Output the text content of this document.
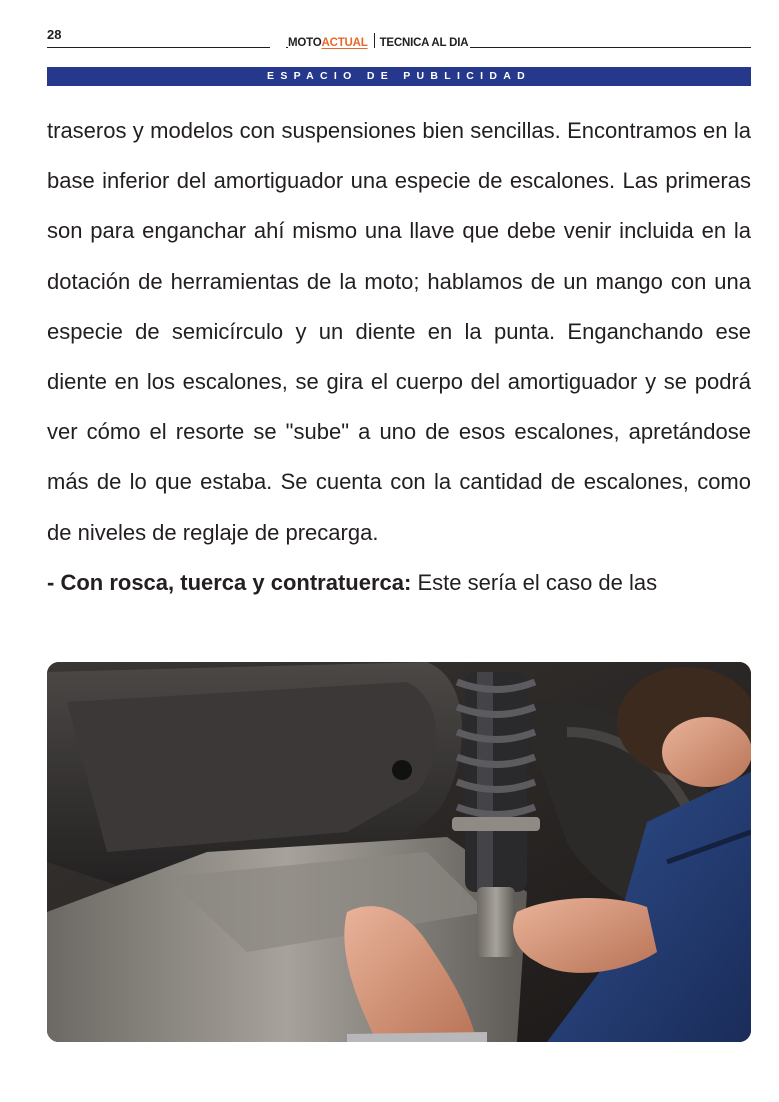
28
MOTOACTUAL TECNICA AL DIA
ESPACIO DE PUBLICIDAD

traseros y modelos con suspensiones bien sencillas. Encontramos en la base inferior del amortiguador una especie de escalones. Las primeras son para enganchar ahí mismo una llave que debe venir incluida en la dotación de herramientas de la moto; hablamos de un mango con una especie de semicírculo y un diente en la punta. Enganchando ese diente en los escalones, se gira el cuerpo del amortiguador y se podrá ver cómo el resorte se "sube" a uno de esos escalones, apretándose más de lo que estaba. Se cuenta con la cantidad de escalones, como de niveles de reglaje de precarga.

- Con rosca, tuerca y contratuerca: Este sería el caso de las
